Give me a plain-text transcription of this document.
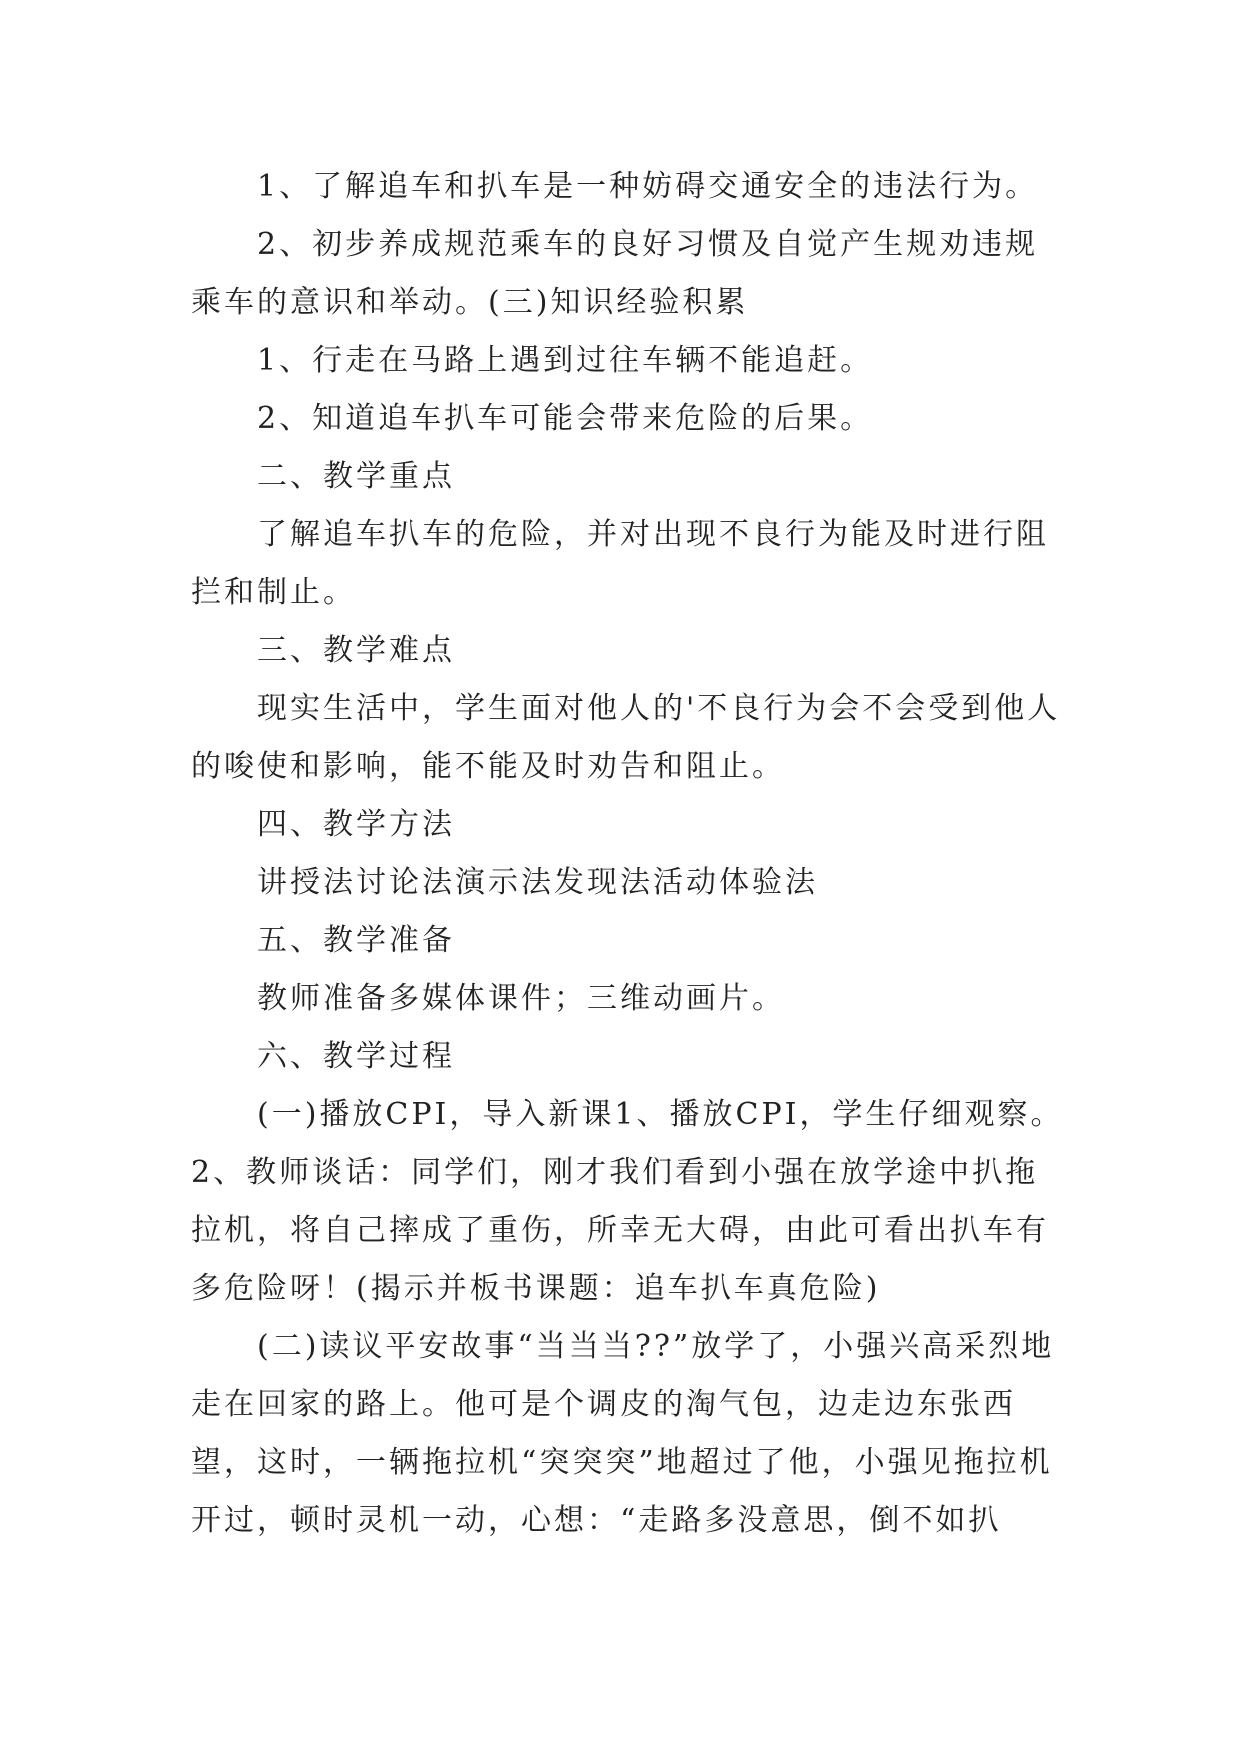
1、了解追车和扒车是一种妨碍交通安全的违法行为。

2、初步养成规范乘车的良好习惯及自觉产生规劝违规乘车的意识和举动。(三)知识经验积累

1、行走在马路上遇到过往车辆不能追赶。

2、知道追车扒车可能会带来危险的后果。

二、教学重点

了解追车扒车的危险，并对出现不良行为能及时进行阻拦和制止。

三、教学难点

现实生活中，学生面对他人的'不良行为会不会受到他人的唆使和影响，能不能及时劝告和阻止。

四、教学方法

讲授法讨论法演示法发现法活动体验法

五、教学准备

教师准备多媒体课件；三维动画片。

六、教学过程

(一)播放CPI，导入新课1、播放CPI，学生仔细观察。

2、教师谈话：同学们，刚才我们看到小强在放学途中扒拖拉机，将自己摔成了重伤，所幸无大碍，由此可看出扒车有多危险呀！(揭示并板书课题：追车扒车真危险)

(二)读议平安故事“当当当??”放学了，小强兴高采烈地走在回家的路上。他可是个调皮的淘气包，边走边东张西望，这时，一辆拖拉机“突突突”地超过了他，小强见拖拉机开过，顿时灵机一动，心想：“走路多没意思，倒不如扒
